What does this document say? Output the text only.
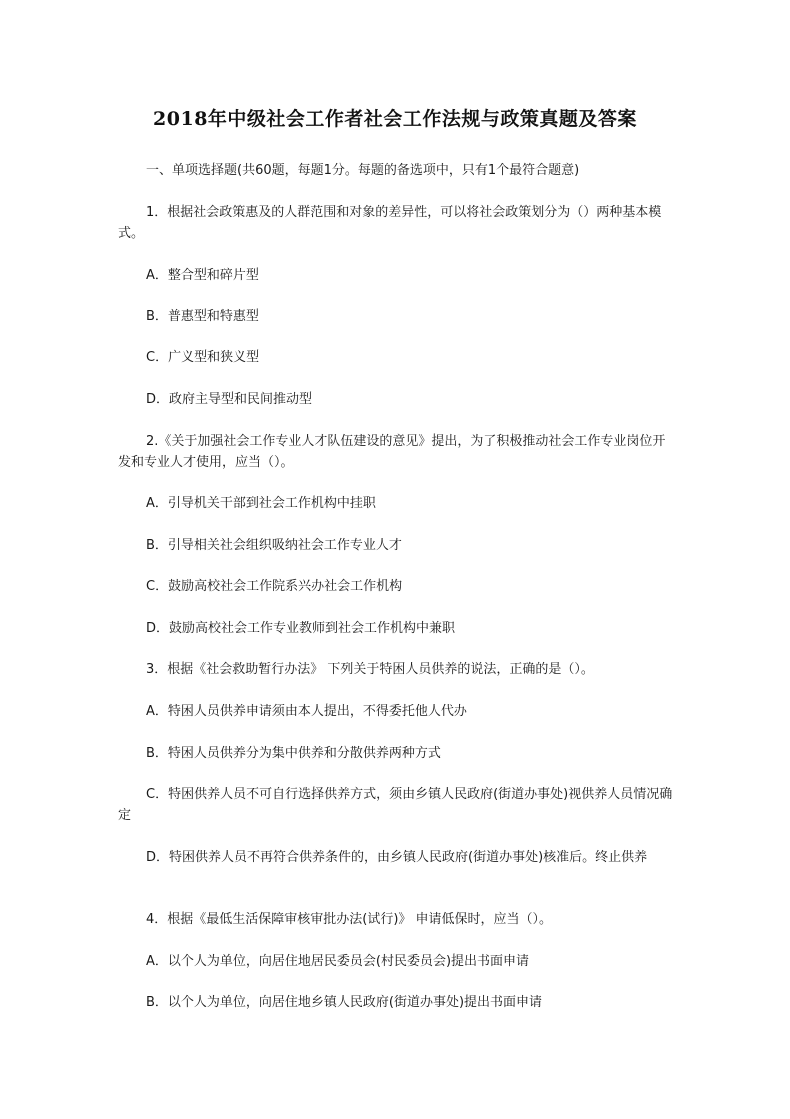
2018年中级社会工作者社会工作法规与政策真题及答案
一、单项选择题(共60题，每题1分。每题的备选项中，只有1个最符合题意)
1．根据社会政策惠及的人群范围和对象的差异性，可以将社会政策划分为（）两种基本模式。
A．整合型和碎片型
B．普惠型和特惠型
C．广义型和狭义型
D．政府主导型和民间推动型
2.《关于加强社会工作专业人才队伍建设的意见》提出，为了积极推动社会工作专业岗位开发和专业人才使用，应当（）。
A．引导机关干部到社会工作机构中挂职
B．引导相关社会组织吸纳社会工作专业人才
C．鼓励高校社会工作院系兴办社会工作机构
D．鼓励高校社会工作专业教师到社会工作机构中兼职
3．根据《社会救助暂行办法》 下列关于特困人员供养的说法，正确的是（）。
A．特困人员供养申请须由本人提出，不得委托他人代办
B．特困人员供养分为集中供养和分散供养两种方式
C．特困供养人员不可自行选择供养方式，须由乡镇人民政府(街道办事处)视供养人员情况确定
D．特困供养人员不再符合供养条件的，由乡镇人民政府(街道办事处)核准后。终止供养
4．根据《最低生活保障审核审批办法(试行)》 申请低保时，应当（）。
A．以个人为单位，向居住地居民委员会(村民委员会)提出书面申请
B．以个人为单位，向居住地乡镇人民政府(街道办事处)提出书面申请
